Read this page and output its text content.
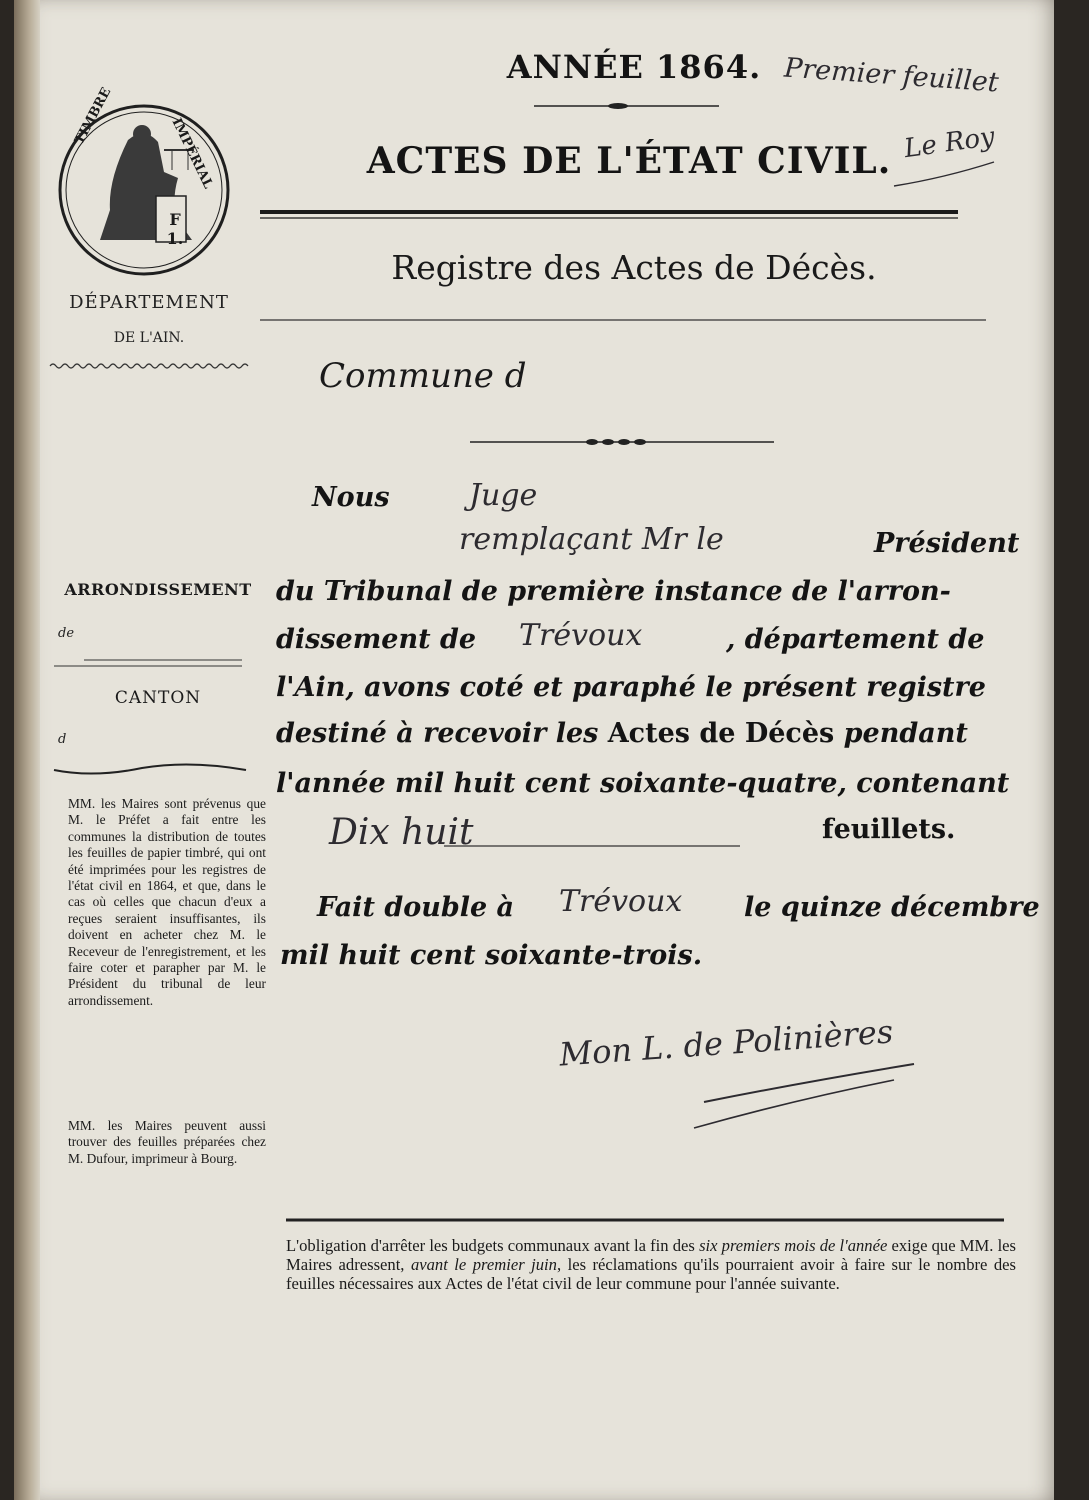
TIMBRE	IMPÉRIAL
F 1.
ANNÉE 1864. Premier feuillet
ACTES DE L'ÉTAT CIVIL. Le Roy
Registre des Actes de Décès.
Commune d
DÉPARTEMENT
DE L'AIN.
ARRONDISSEMENT
de
CANTON
d
MM. les Maires sont prévenus que M. le Préfet a fait entre les communes la distribution de toutes les feuilles de papier timbré, qui ont été imprimées pour les registres de l'état civil en 1864, et que, dans le cas où celles que chacun d'eux a reçues seraient insuffisantes, ils doivent en acheter chez M. le Receveur de l'enregistrement, et les faire coter et parapher par M. le Président du tribunal de leur arrondissement.
MM. les Maires peuvent aussi trouver des feuilles préparées chez M. Dufour, imprimeur à Bourg.
Nous	Juge
remplaçant Mr le	Président
du Tribunal de première instance de l'arron-
dissement de Trévoux	, département de
l'Ain, avons coté et paraphé le présent registre
destiné à recevoir les Actes de Décès pendant
l'année mil huit cent soixante-quatre, contenant
Dix huit	feuillets.
Fait double à Trévoux le quinze décembre
mil huit cent soixante-trois.
Mon L. de Polinières
L'obligation d'arrêter les budgets communaux avant la fin des six premiers mois de l'année exige que MM. les Maires adressent, avant le premier juin, les réclamations qu'ils pourraient avoir à faire sur le nombre des feuilles nécessaires aux Actes de l'état civil de leur commune pour l'année suivante.
